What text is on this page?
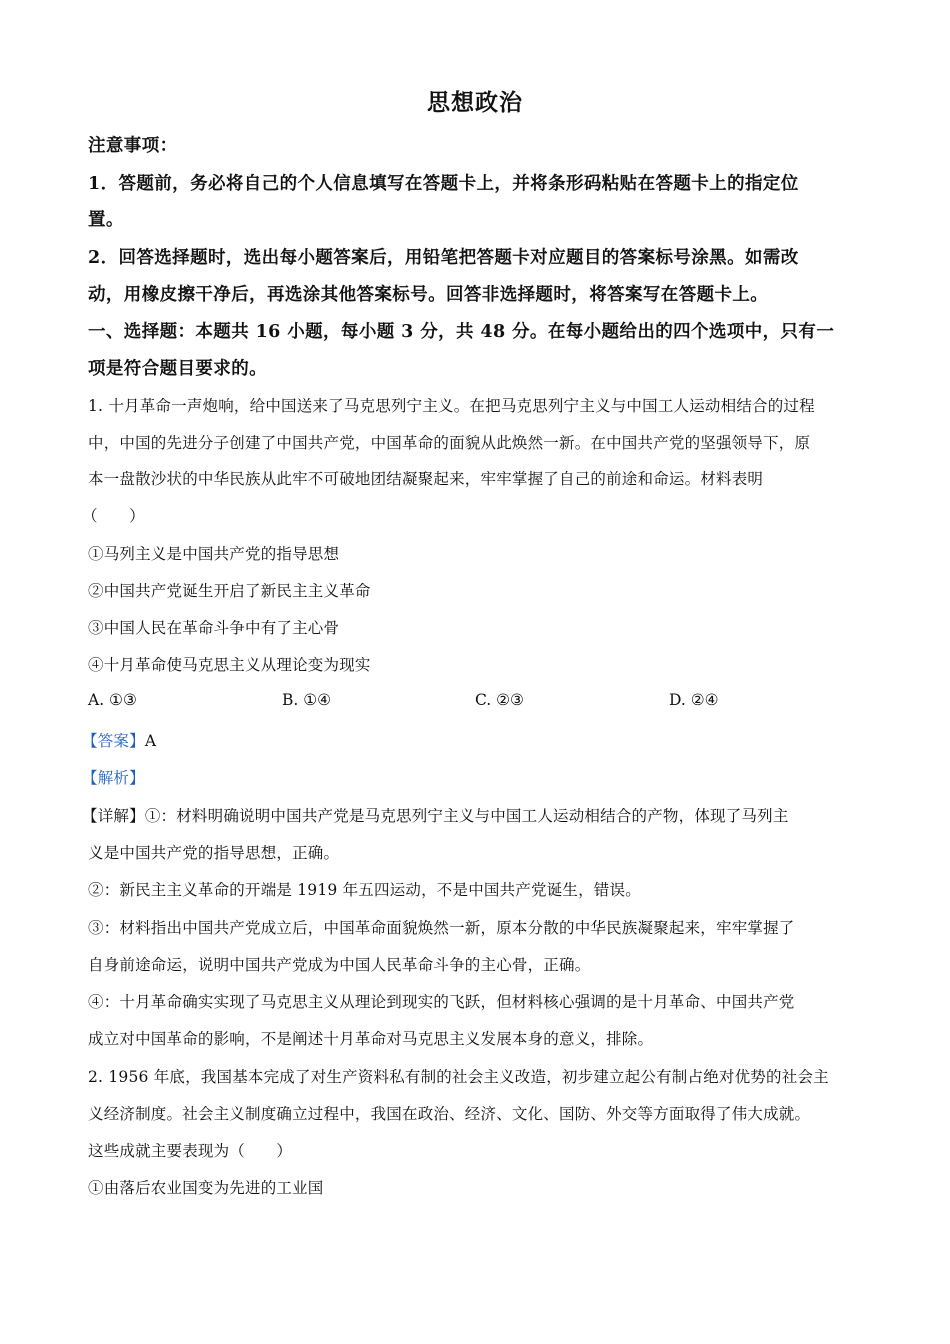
思想政治
注意事项：
1．答题前，务必将自己的个人信息填写在答题卡上，并将条形码粘贴在答题卡上的指定位
置。
2．回答选择题时，选出每小题答案后，用铅笔把答题卡对应题目的答案标号涂黑。如需改
动，用橡皮擦干净后，再选涂其他答案标号。回答非选择题时，将答案写在答题卡上。
一、选择题：本题共 16 小题，每小题 3 分，共 48 分。在每小题给出的四个选项中，只有一
项是符合题目要求的。
1. 十月革命一声炮响，给中国送来了马克思列宁主义。在把马克思列宁主义与中国工人运动相结合的过程
中，中国的先进分子创建了中国共产党，中国革命的面貌从此焕然一新。在中国共产党的坚强领导下，原
本一盘散沙状的中华民族从此牢不可破地团结凝聚起来，牢牢掌握了自己的前途和命运。材料表明
（　　）
①马列主义是中国共产党的指导思想
②中国共产党诞生开启了新民主主义革命
③中国人民在革命斗争中有了主心骨
④十月革命使马克思主义从理论变为现实
A. ①③	B. ①④	C. ②③	D. ②④
【答案】A
【解析】
【详解】①：材料明确说明中国共产党是马克思列宁主义与中国工人运动相结合的产物，体现了马列主
义是中国共产党的指导思想，正确。
②：新民主主义革命的开端是 1919 年五四运动，不是中国共产党诞生，错误。
③：材料指出中国共产党成立后，中国革命面貌焕然一新，原本分散的中华民族凝聚起来，牢牢掌握了
自身前途命运，说明中国共产党成为中国人民革命斗争的主心骨，正确。
④：十月革命确实实现了马克思主义从理论到现实的飞跃，但材料核心强调的是十月革命、中国共产党
成立对中国革命的影响，不是阐述十月革命对马克思主义发展本身的意义，排除。
2. 1956 年底，我国基本完成了对生产资料私有制的社会主义改造，初步建立起公有制占绝对优势的社会主
义经济制度。社会主义制度确立过程中，我国在政治、经济、文化、国防、外交等方面取得了伟大成就。
这些成就主要表现为（　　）
①由落后农业国变为先进的工业国
